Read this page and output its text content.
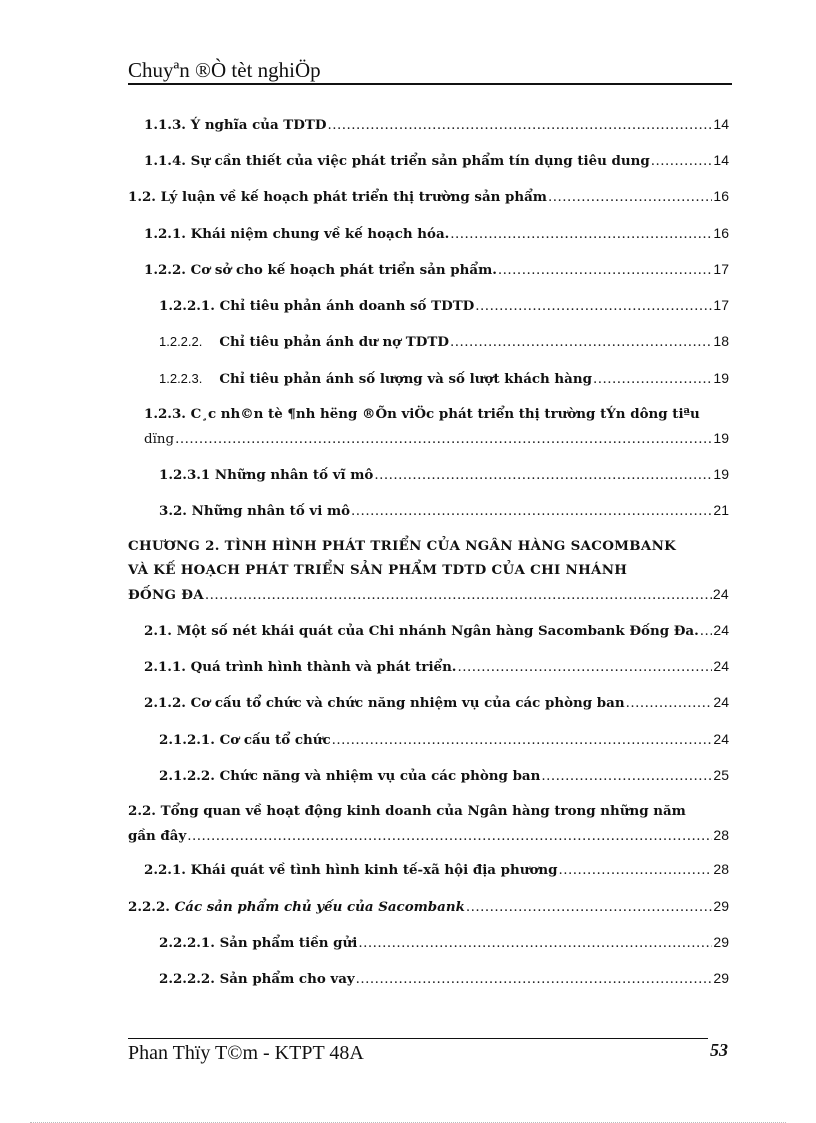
Chuyªn ®Ò tèt nghiÖp
1.1.3. Ý nghĩa của TDTD .....	14
1.1.4. Sự cần thiết của việc phát triển sản phẩm tín dụng tiêu dung .....	14
1.2. Lý luận về kế hoạch phát triển thị trường sản phẩm .....	16
1.2.1. Khái niệm chung về kế hoạch hóa. .....	16
1.2.2. Cơ sở cho kế hoạch phát triển sản phẩm. .....	17
1.2.2.1. Chỉ tiêu phản ánh doanh số TDTD .....	17
1.2.2.2. Chỉ tiêu phản ánh dư nợ TDTD .....	18
1.2.2.3. Chỉ tiêu phản ánh số lượng và số lượt khách hàng .....	19
1.2.3. C¸c nh©n tè ¶nh hëng ®Õn viÖc phát triển thị trường tÝn dông tiªu
dïng .....	19
1.2.3.1 Những nhân tố vĩ mô .....	19
3.2. Những nhân tố vi mô .....	21
CHƯƠNG 2. TÌNH HÌNH PHÁT TRIỂN CỦA NGÂN HÀNG SACOMBANK
VÀ KẾ HOẠCH PHÁT TRIỂN SẢN PHẨM TDTD CỦA CHI NHÁNH
ĐỐNG ĐA .....	24
2.1. Một số nét khái quát của Chi nhánh Ngân hàng Sacombank Đống Đa. ..... 24
2.1.1. Quá trình hình thành và phát triển. .....	24
2.1.2. Cơ cấu tổ chức và chức năng nhiệm vụ của các phòng ban .....	24
2.1.2.1. Cơ cấu tổ chức .....	24
2.1.2.2. Chức năng và nhiệm vụ của các phòng ban .....	25
2.2. Tổng quan về hoạt động kinh doanh của Ngân hàng trong những năm
gần đây .....	28
2.2.1. Khái quát về tình hình kinh tế-xã hội địa phương .....	28
2.2.2. Các sản phẩm chủ yếu của Sacombank .....	29
2.2.2.1. Sản phẩm tiền gửi .....	29
2.2.2.2. Sản phẩm cho vay .....	29
Phan Thïy T©m - KTPT 48A	53
